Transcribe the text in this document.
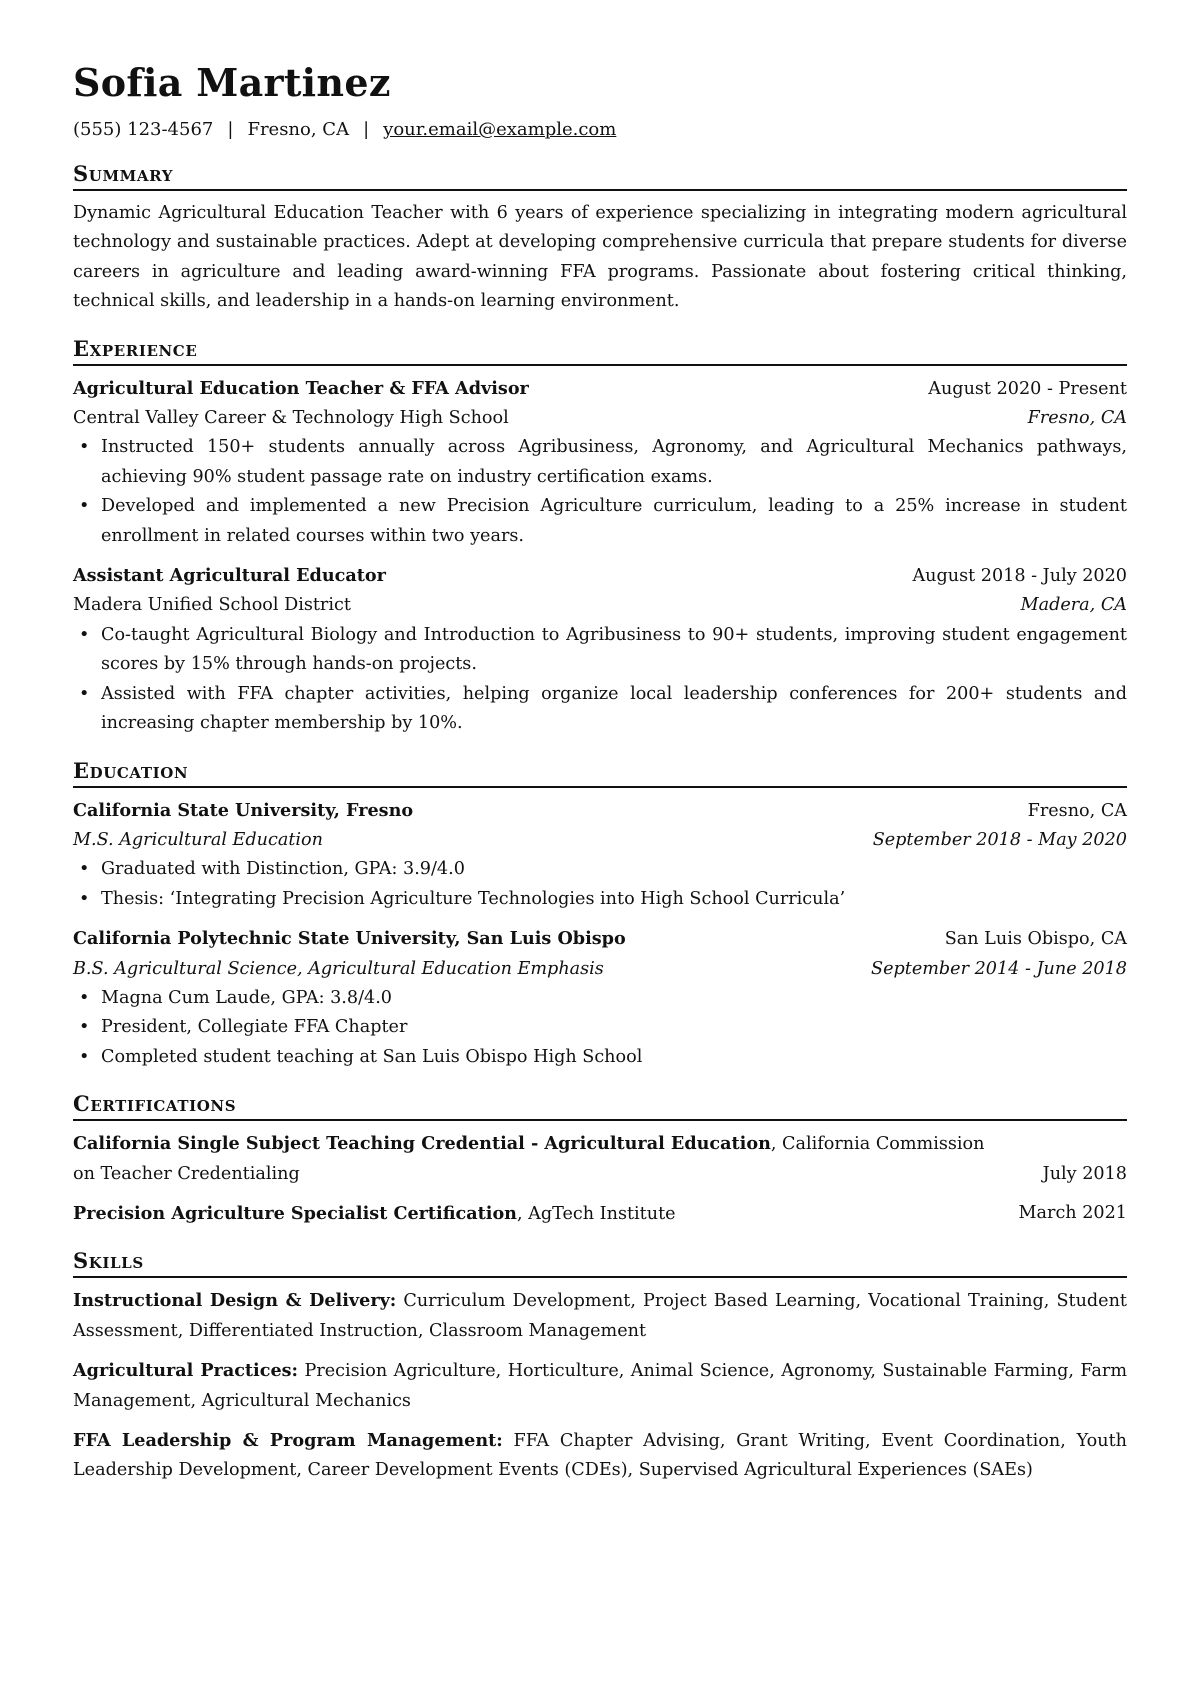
Sofia Martinez
(555) 123-4567 | Fresno, CA | your.email@example.com
Summary

Dynamic Agricultural Education Teacher with 6 years of experience specializing in integrating modern agricultural technology and sustainable practices. Adept at developing comprehensive curricula that prepare students for diverse careers in agriculture and leading award-winning FFA programs. Passionate about fostering critical thinking, technical skills, and leadership in a hands-on learning environment.

Experience
Agricultural Education Teacher & FFA Advisor	August 2020 - Present
Central Valley Career & Technology High School	Fresno, CA
• Instructed 150+ students annually across Agribusiness, Agronomy, and Agricultural Mechanics pathways, achieving 90% student passage rate on industry certification exams.
• Developed and implemented a new Precision Agriculture curriculum, leading to a 25% increase in student enrollment in related courses within two years.
Assistant Agricultural Educator	August 2018 - July 2020
Madera Unified School District	Madera, CA
• Co-taught Agricultural Biology and Introduction to Agribusiness to 90+ students, improving student engagement scores by 15% through hands-on projects.
• Assisted with FFA chapter activities, helping organize local leadership conferences for 200+ students and increasing chapter membership by 10%.
Education
California State University, Fresno	Fresno, CA
M.S. Agricultural Education	September 2018 - May 2020
• Graduated with Distinction, GPA: 3.9/4.0
• Thesis: ‘Integrating Precision Agriculture Technologies into High School Curricula’
California Polytechnic State University, San Luis Obispo	San Luis Obispo, CA
B.S. Agricultural Science, Agricultural Education Emphasis	September 2014 - June 2018
• Magna Cum Laude, GPA: 3.8/4.0
• President, Collegiate FFA Chapter
• Completed student teaching at San Luis Obispo High School
Certifications
California Single Subject Teaching Credential - Agricultural Education, California Commission
on Teacher Credentialing	July 2018
Precision Agriculture Specialist Certification, AgTech Institute	March 2021
Skills

Instructional Design & Delivery: Curriculum Development, Project Based Learning, Vocational Training, Student Assessment, Differentiated Instruction, Classroom Management

Agricultural Practices: Precision Agriculture, Horticulture, Animal Science, Agronomy, Sustainable Farming, Farm Management, Agricultural Mechanics

FFA Leadership & Program Management: FFA Chapter Advising, Grant Writing, Event Coordination, Youth Leadership Development, Career Development Events (CDEs), Supervised Agricultural Experiences (SAEs)
